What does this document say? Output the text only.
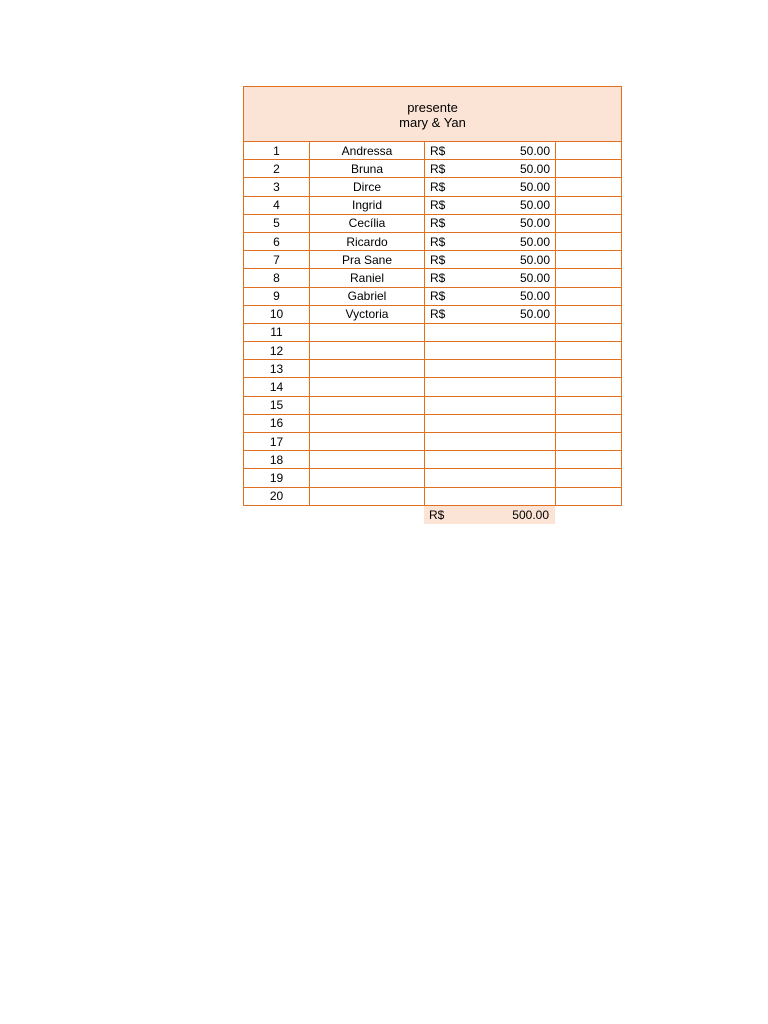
presente
mary & Yan
1	Andressa	R$ 50.00	

2	Bruna	R$ 50.00	

3	Dirce	R$ 50.00	

4	Ingrid	R$ 50.00	

5	Cecília	R$ 50.00	

6	Ricardo	R$ 50.00	

7	Pra Sane	R$ 50.00	

8	Raniel	R$ 50.00	

9	Gabriel	R$ 50.00	

10	Vyctoria	R$ 50.00	

11		

12		

13		

14		

15		

16		

17		

18		

19		

20		

R$	500.00
